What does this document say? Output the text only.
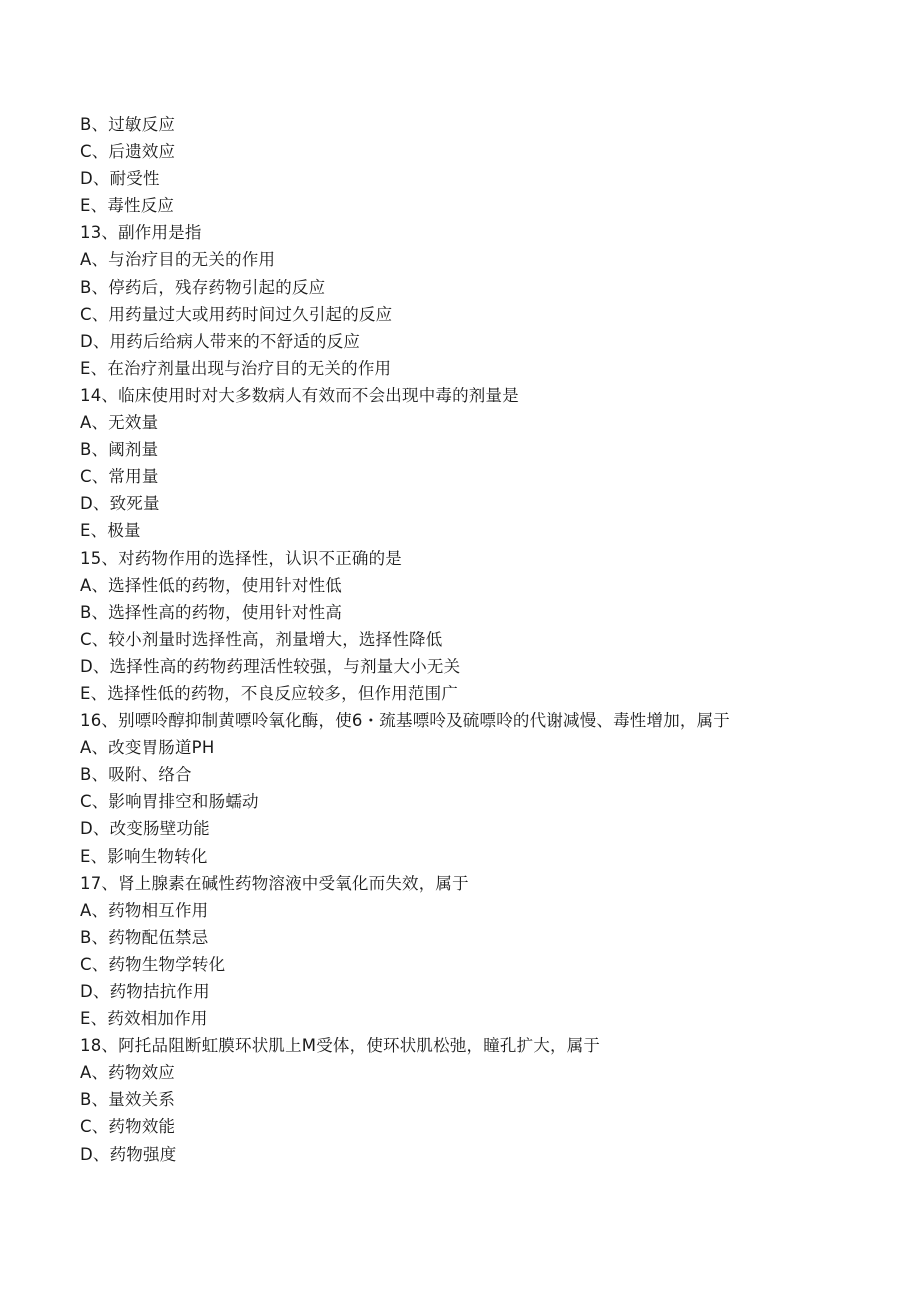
B、过敏反应
C、后遗效应
D、耐受性
E、毒性反应
13、副作用是指
A、与治疗目的无关的作用
B、停药后，残存药物引起的反应
C、用药量过大或用药时间过久引起的反应
D、用药后给病人带来的不舒适的反应
E、在治疗剂量出现与治疗目的无关的作用
14、临床使用时对大多数病人有效而不会出现中毒的剂量是
A、无效量
B、阈剂量
C、常用量
D、致死量
E、极量
15、对药物作用的选择性，认识不正确的是
A、选择性低的药物，使用针对性低
B、选择性高的药物，使用针对性高
C、较小剂量时选择性高，剂量增大，选择性降低
D、选择性高的药物药理活性较强，与剂量大小无关
E、选择性低的药物，不良反应较多，但作用范围广
16、别嘌呤醇抑制黄嘌呤氧化酶，使6・巯基嘌呤及硫嘌呤的代谢减慢、毒性增加，属于
A、改变胃肠道PH
B、吸附、络合
C、影响胃排空和肠蠕动
D、改变肠壁功能
E、影响生物转化
17、肾上腺素在碱性药物溶液中受氧化而失效，属于
A、药物相互作用
B、药物配伍禁忌
C、药物生物学转化
D、药物拮抗作用
E、药效相加作用
18、阿托品阻断虹膜环状肌上M受体，使环状肌松弛，瞳孔扩大，属于
A、药物效应
B、量效关系
C、药物效能
D、药物强度
